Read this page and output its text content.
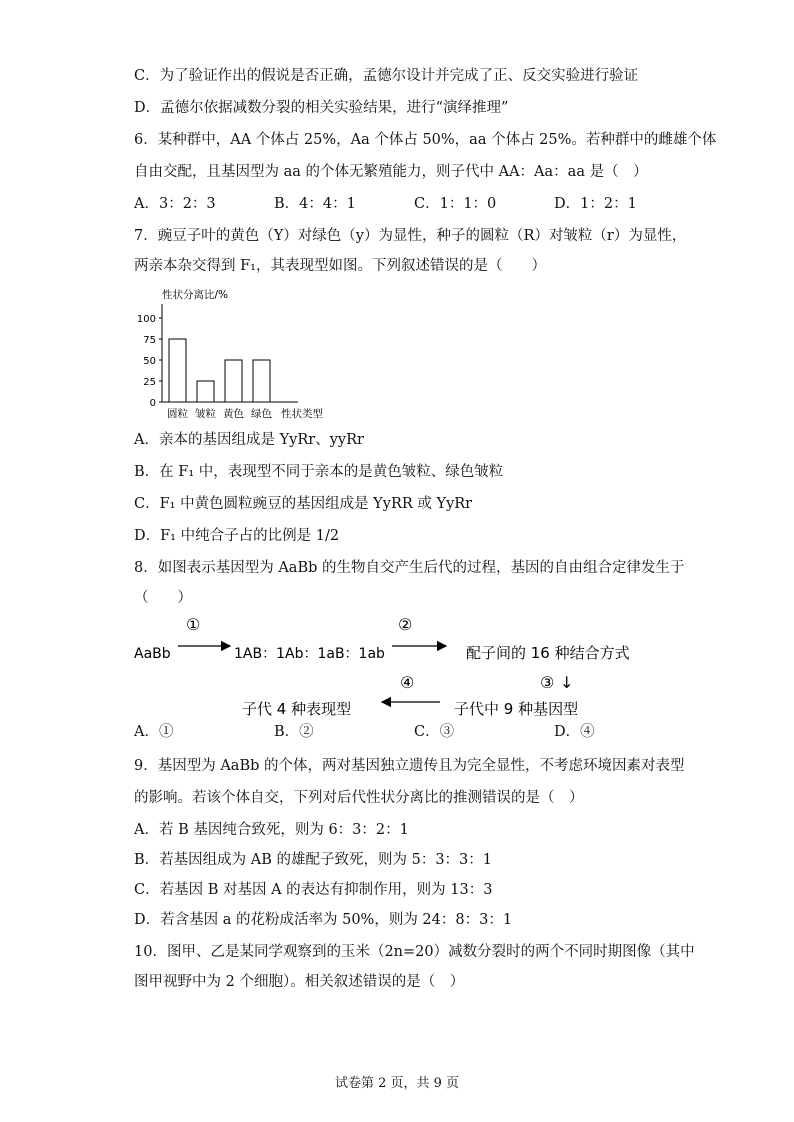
C．为了验证作出的假说是否正确，孟德尔设计并完成了正、反交实验进行验证
D．孟德尔依据减数分裂的相关实验结果，进行“演绎推理”
6．某种群中，AA 个体占 25%，Aa 个体占 50%，aa 个体占 25%。若种群中的雌雄个体
自由交配，且基因型为 aa 的个体无繁殖能力，则子代中 AA：Aa：aa 是（　）
A．3：2：3	B．4：4：1	C．1：1：0	D．1：2：1
7．豌豆子叶的黄色（Y）对绿色（y）为显性，种子的圆粒（R）对皱粒（r）为显性，
两亲本杂交得到 F₁，其表现型如图。下列叙述错误的是（　　）
性状分离比/%
0
25
50
75
100
圆粒 皱粒 黄色 绿色 性状类型
A．亲本的基因组成是 YyRr、yyRr
B．在 F₁ 中，表现型不同于亲本的是黄色皱粒、绿色皱粒
C．F₁ 中黄色圆粒豌豆的基因组成是 YyRR 或 YyRr
D．F₁ 中纯合子占的比例是 1/2
8．如图表示基因型为 AaBb 的生物自交产生后代的过程，基因的自由组合定律发生于
（　　）
①
AaBb	1AB：1Ab：1aB：1ab
②
配子间的 16 种结合方式
③ ↓
④
子代 4 种表现型	子代中 9 种基因型
A．①	B．②	C．③	D．④
9．基因型为 AaBb 的个体，两对基因独立遗传且为完全显性，不考虑环境因素对表型
的影响。若该个体自交，下列对后代性状分离比的推测错误的是（　）
A．若 B 基因纯合致死，则为 6：3：2：1
B．若基因组成为 AB 的雄配子致死，则为 5：3：3：1
C．若基因 B 对基因 A 的表达有抑制作用，则为 13：3
D．若含基因 a 的花粉成活率为 50%，则为 24：8：3：1
10．图甲、乙是某同学观察到的玉米（2n=20）减数分裂时的两个不同时期图像（其中
图甲视野中为 2 个细胞）。相关叙述错误的是（　）
试卷第 2 页，共 9 页
